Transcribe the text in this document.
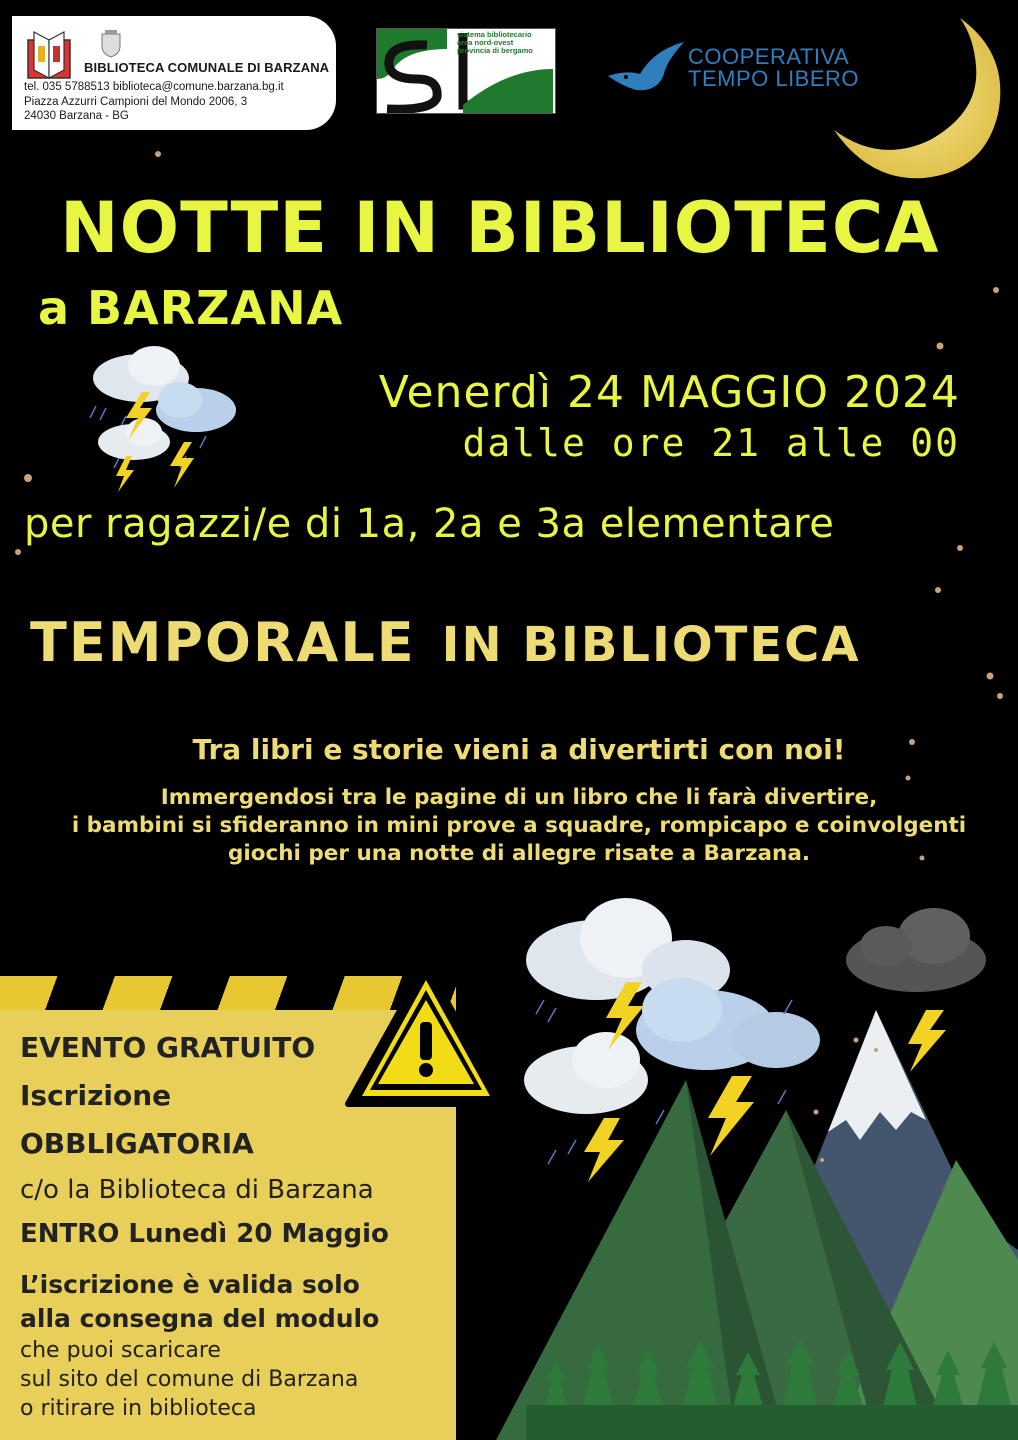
BIBLIOTECA COMUNALE DI BARZANA
tel. 035 5788513 biblioteca@comune.barzana.bg.it
Piazza Azzurri Campioni del Mondo 2006, 3
24030 Barzana - BG
sistema bibliotecario
area nord-ovest
provincia di bergamo	COOPERATIVA
TEMPO LIBERO
NOTTE IN BIBLIOTECA
a BARZANA
Venerdì 24 MAGGIO 2024
dalle ore 21 alle 00
per ragazzi/e di 1a, 2a e 3a elementare
TEMPORALE IN BIBLIOTECA
Tra libri e storie vieni a divertirti con noi!
Immergendosi tra le pagine di un libro che li farà divertire,
i bambini si sfideranno in mini prove a squadre, rompicapo e coinvolgenti
giochi per una notte di allegre risate a Barzana.
EVENTO GRATUITO
Iscrizione
OBBLIGATORIA
c/o la Biblioteca di Barzana
ENTRO Lunedì 20 Maggio
L’iscrizione è valida solo
alla consegna del modulo
che puoi scaricare
sul sito del comune di Barzana
o ritirare in biblioteca
